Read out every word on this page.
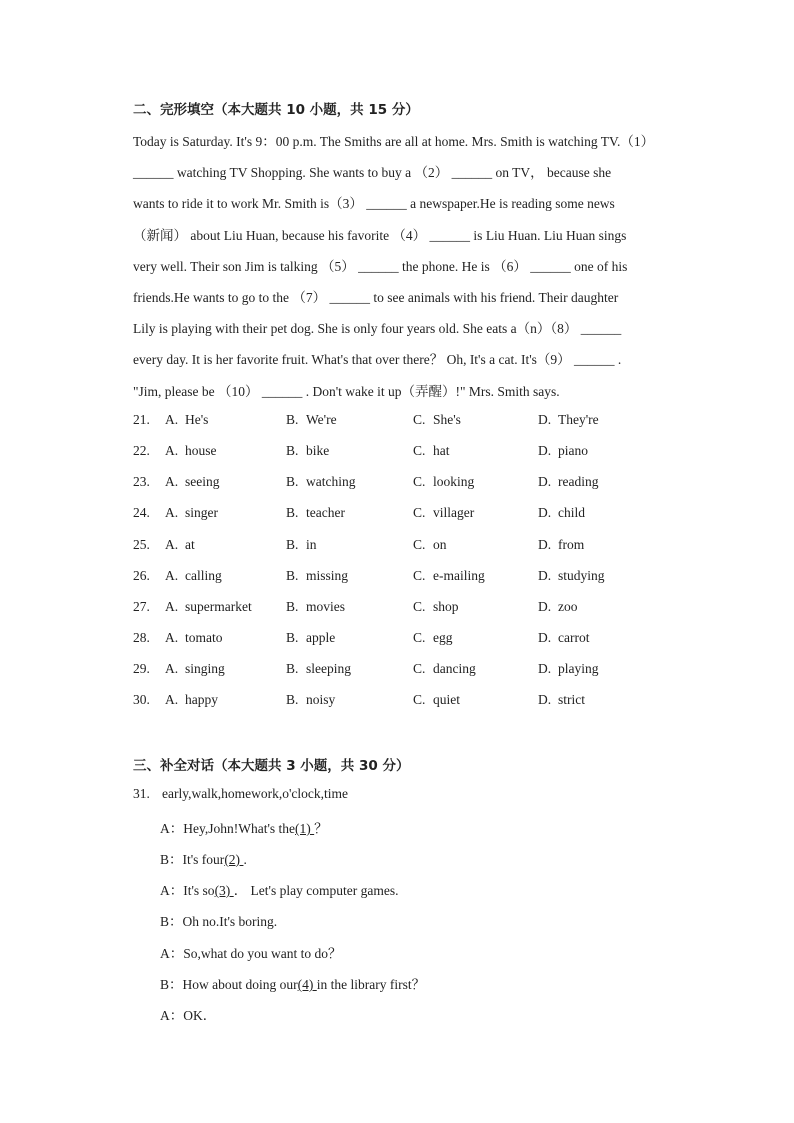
二、完形填空（本大题共 10 小题，共 15 分）
Today is Saturday. It's 9：00 p.m. The Smiths are all at home. Mrs. Smith is watching TV.（1）
______ watching TV Shopping. She wants to buy a （2） ______ on TV， because she
wants to ride it to work Mr. Smith is（3） ______ a newspaper.He is reading some news
（新闻） about Liu Huan, because his favorite （4） ______ is Liu Huan. Liu Huan sings
very well. Their son Jim is talking （5） ______ the phone. He is （6） ______ one of his
friends.He wants to go to the （7） ______ to see animals with his friend. Their daughter
Lily is playing with their pet dog. She is only four years old. She eats a（n）（8） ______
every day. It is her favorite fruit. What's that over there？ Oh, It's a cat. It's（9） ______ .
"Jim, please be （10） ______ . Don't wake it up（弄醒）!" Mrs. Smith says.
21. A. He's	B. We're	C. She's	D. They're
22. A. house	B. bike	C. hat	D. piano
23. A. seeing	B. watching	C. looking	D. reading
24. A. singer	B. teacher	C. villager	D. child
25. A. at	B. in	C. on	D. from
26. A. calling	B. missing	C. e-mailing	D. studying
27. A. supermarket	B. movies	C. shop	D. zoo
28. A. tomato	B. apple	C. egg	D. carrot
29. A. singing	B. sleeping	C. dancing	D. playing
30. A. happy	B. noisy	C. quiet	D. strict
三、补全对话（本大题共 3 小题，共 30 分）
31. early,walk,homework,o'clock,time
A：Hey,John!What's the(1) ？
B：It's four(2) .
A：It's so(3) ． Let's play computer games.
B：Oh no.It's boring.
A：So,what do you want to do？
B：How about doing our(4) in the library first？
A：OK．
